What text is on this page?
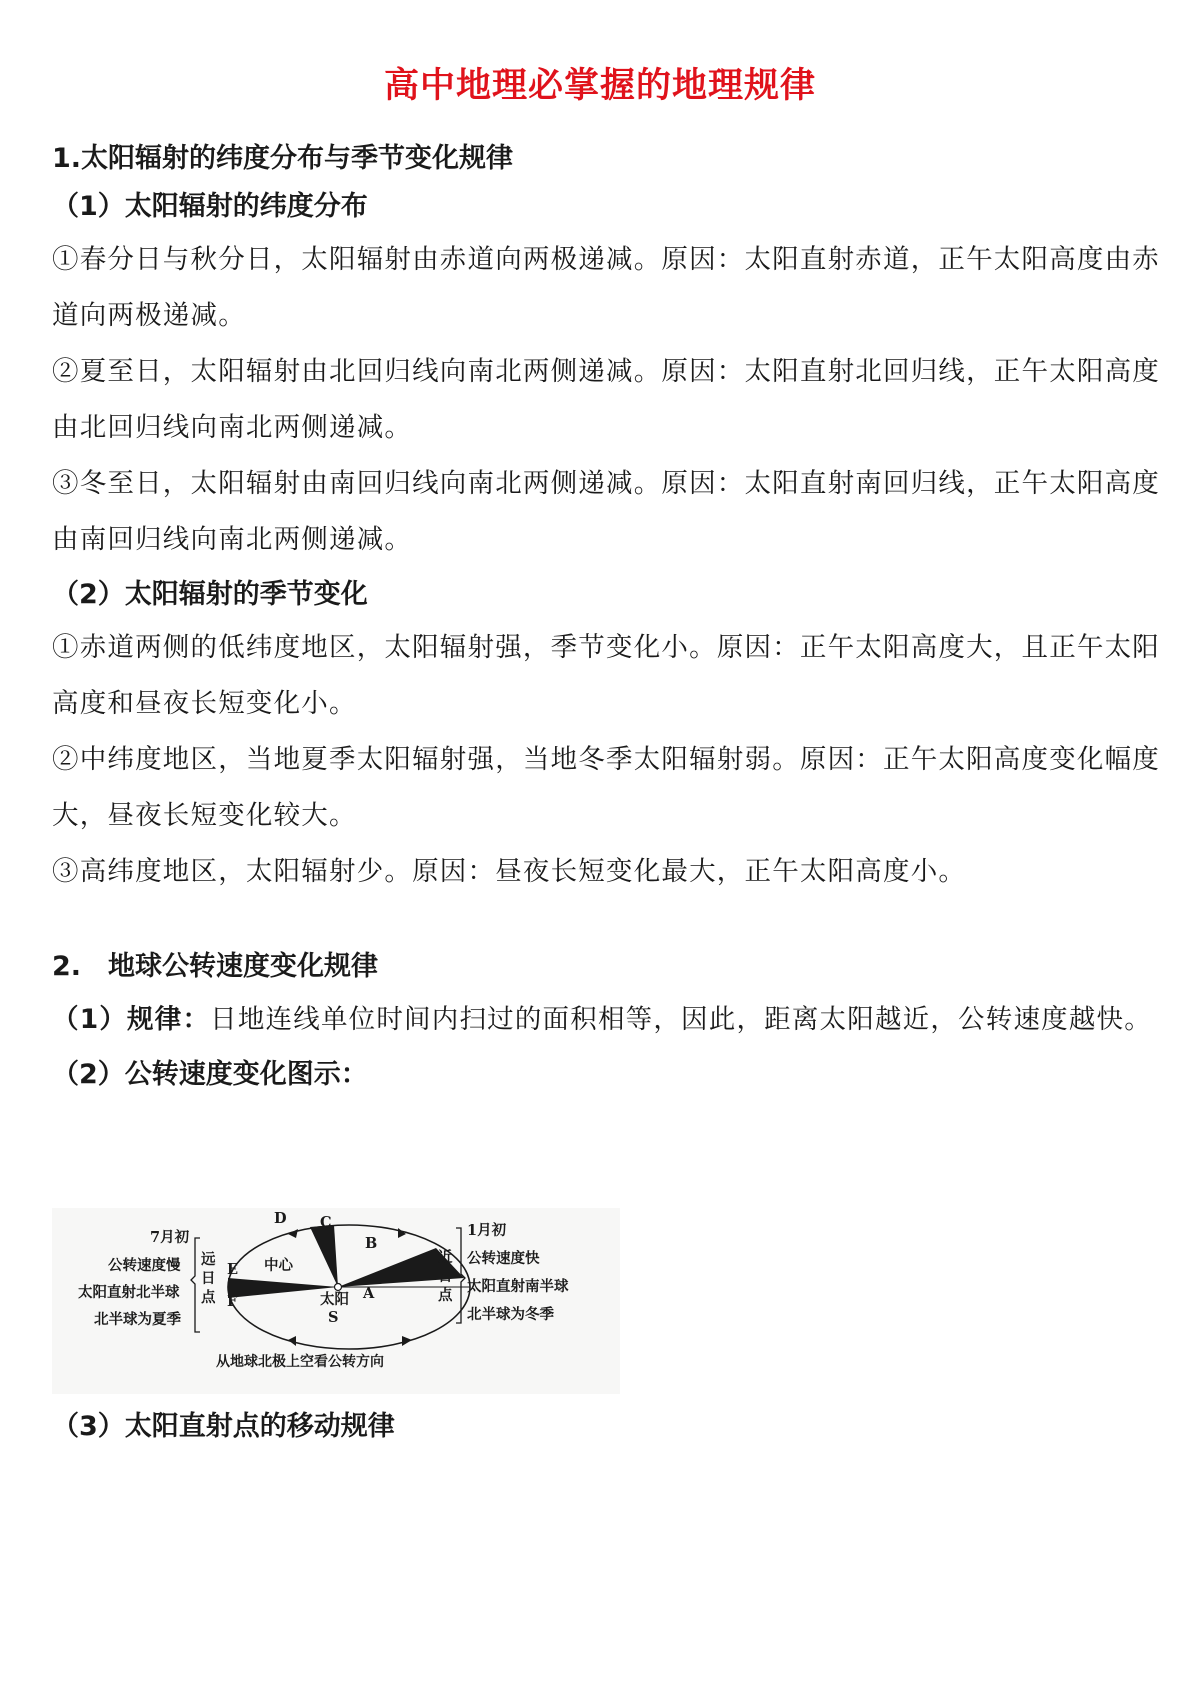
高中地理必掌握的地理规律
1.太阳辐射的纬度分布与季节变化规律
（1）太阳辐射的纬度分布

①春分日与秋分日，太阳辐射由赤道向两极递减。原因：太阳直射赤道，正午太阳高度由赤道向两极递减。

②夏至日，太阳辐射由北回归线向南北两侧递减。原因：太阳直射北回归线，正午太阳高度由北回归线向南北两侧递减。

③冬至日，太阳辐射由南回归线向南北两侧递减。原因：太阳直射南回归线，正午太阳高度由南回归线向南北两侧递减。

（2）太阳辐射的季节变化

①赤道两侧的低纬度地区，太阳辐射强，季节变化小。原因：正午太阳高度大，且正午太阳高度和昼夜长短变化小。

②中纬度地区，当地夏季太阳辐射强，当地冬季太阳辐射弱。原因：正午太阳高度变化幅度大，昼夜长短变化较大。

③高纬度地区，太阳辐射少。原因：昼夜长短变化最大，正午太阳高度小。

2.　地球公转速度变化规律

（1）规律：日地连线单位时间内扫过的面积相等，因此，距离太阳越近，公转速度越快。

（2）公转速度变化图示：
7月初
公转速度慢
太阳直射北半球
北半球为夏季
远
日
点
1月初
公转速度快
太阳直射南半球
北半球为冬季
近
日
点
D C
B
E
F	A
S
中心
太阳
从地球北极上空看公转方向
（3）太阳直射点的移动规律
